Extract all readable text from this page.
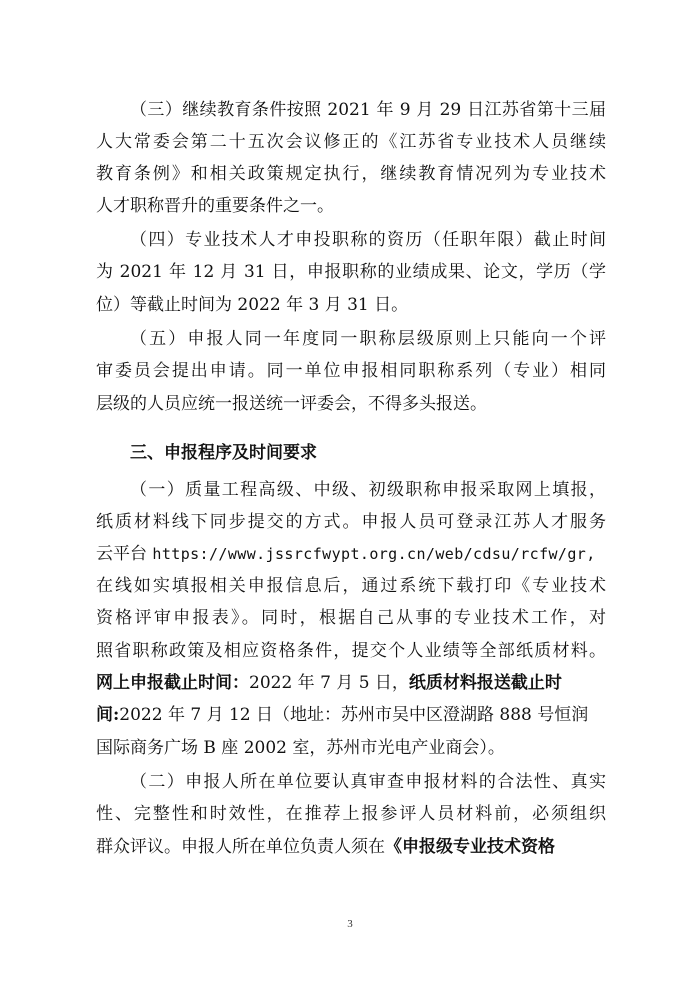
（三）继续教育条件按照 2021 年 9 月 29 日江苏省第十三届
人大常委会第二十五次会议修正的《江苏省专业技术人员继续
教育条例》和相关政策规定执行，继续教育情况列为专业技术
人才职称晋升的重要条件之一。
（四）专业技术人才申投职称的资历（任职年限）截止时间
为 2021 年 12 月 31 日，申报职称的业绩成果、论文，学历（学
位）等截止时间为 2022 年 3 月 31 日。
（五）申报人同一年度同一职称层级原则上只能向一个评
审委员会提出申请。同一单位申报相同职称系列（专业）相同
层级的人员应统一报送统一评委会，不得多头报送。
三、申报程序及时间要求
（一）质量工程高级、中级、初级职称申报采取网上填报，
纸质材料线下同步提交的方式。申报人员可登录江苏人才服务
云平台 https://www.jssrcfwypt.org.cn/web/cdsu/rcfw/gr,
在线如实填报相关申报信息后，通过系统下载打印《专业技术
资格评审申报表》。同时，根据自己从事的专业技术工作，对
照省职称政策及相应资格条件，提交个人业绩等全部纸质材料。
网上申报截止时间：2022 年 7 月 5 日，纸质材料报送截止时
间:2022 年 7 月 12 日（地址：苏州市吴中区澄湖路 888 号恒润
国际商务广场 B 座 2002 室，苏州市光电产业商会）。
（二）申报人所在单位要认真审查申报材料的合法性、真实
性、完整性和时效性，在推荐上报参评人员材料前，必须组织
群众评议。申报人所在单位负责人须在《申报级专业技术资格
3
